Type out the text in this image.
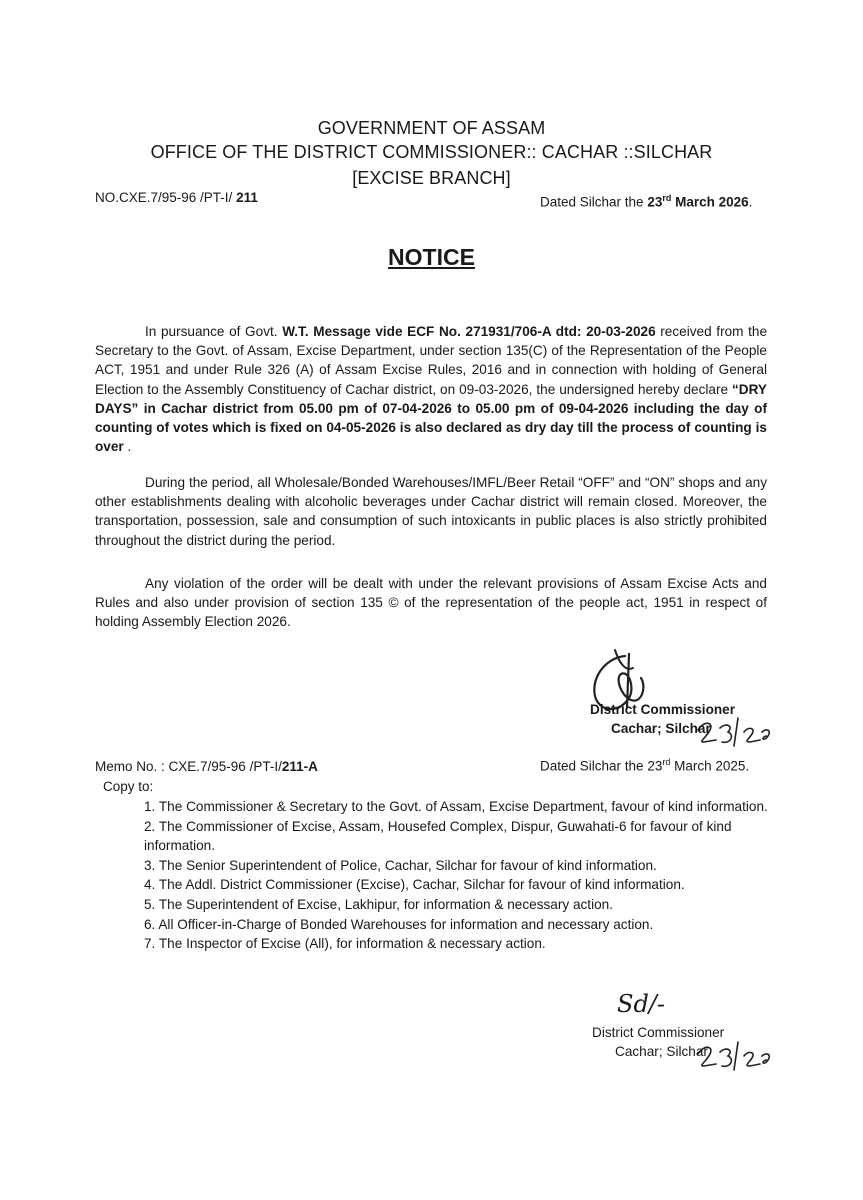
GOVERNMENT OF ASSAM
OFFICE OF THE DISTRICT COMMISSIONER:: CACHAR ::SILCHAR
[EXCISE BRANCH]
NO.CXE.7/95-96 /PT-I/ 211	Dated Silchar the 23rd March 2026.
NOTICE
In pursuance of Govt. W.T. Message vide ECF No. 271931/706-A dtd: 20-03-2026 received from the Secretary to the Govt. of Assam, Excise Department, under section 135(C) of the Representation of the People ACT, 1951 and under Rule 326 (A) of Assam Excise Rules, 2016 and in connection with holding of General Election to the Assembly Constituency of Cachar district, on 09-03-2026, the undersigned hereby declare “DRY DAYS” in Cachar district from 05.00 pm of 07-04-2026 to 05.00 pm of 09-04-2026 including the day of counting of votes which is fixed on 04-05-2026 is also declared as dry day till the process of counting is over .
During the period, all Wholesale/Bonded Warehouses/IMFL/Beer Retail “OFF” and “ON” shops and any other establishments dealing with alcoholic beverages under Cachar district will remain closed. Moreover, the transportation, possession, sale and consumption of such intoxicants in public places is also strictly prohibited throughout the district during the period.
Any violation of the order will be dealt with under the relevant provisions of Assam Excise Acts and Rules and also under provision of section 135 © of the representation of the people act, 1951 in respect of holding Assembly Election 2026.
District Commissioner
Cachar; Silchar
Memo No. : CXE.7/95-96 /PT-I/211-A	Dated Silchar the 23rd March 2025.
Copy to:
1. The Commissioner & Secretary to the Govt. of Assam, Excise Department, favour of kind information.
2. The Commissioner of Excise, Assam, Housefed Complex, Dispur, Guwahati-6 for favour of kind information.
3. The Senior Superintendent of Police, Cachar, Silchar for favour of kind information.
4. The Addl. District Commissioner (Excise), Cachar, Silchar for favour of kind information.
5. The Superintendent of Excise, Lakhipur, for information & necessary action.
6. All Officer-in-Charge of Bonded Warehouses for information and necessary action.
7. The Inspector of Excise (All), for information & necessary action.
Sd/-
District Commissioner
Cachar; Silchar
